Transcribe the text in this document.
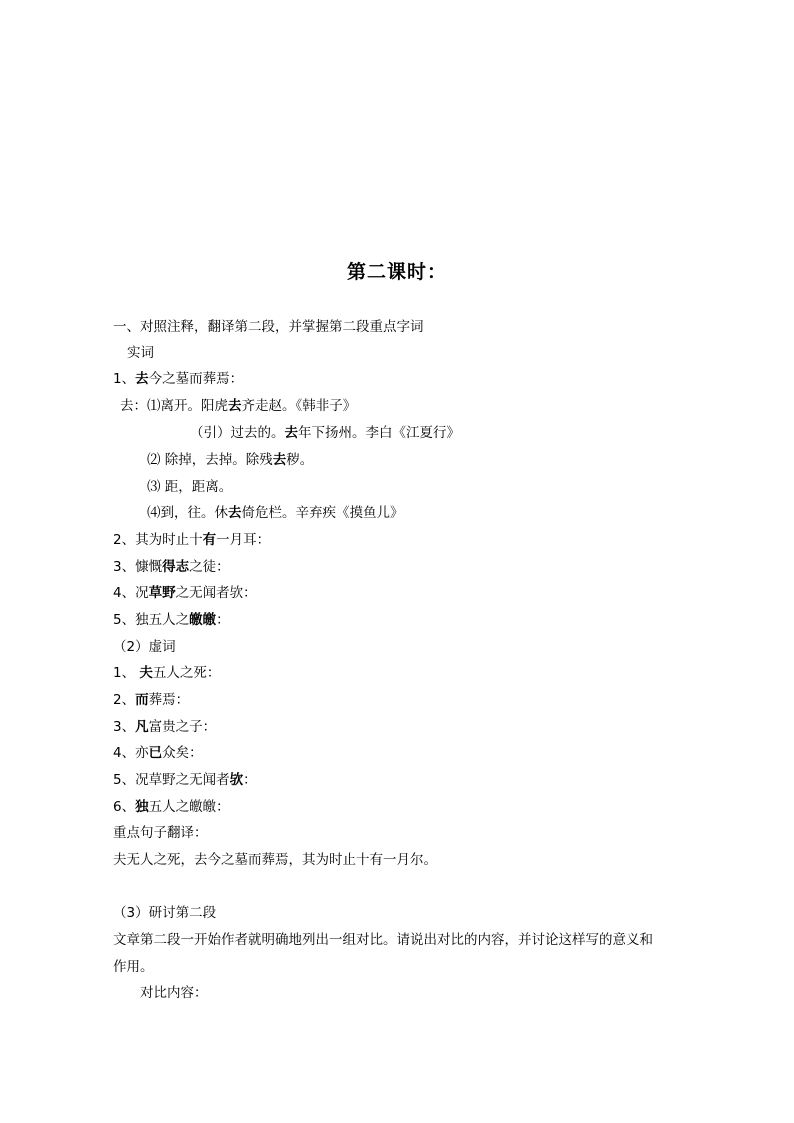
第二课时：
一、对照注释，翻译第二段，并掌握第二段重点字词
实词
1、去今之墓而葬焉：
去：⑴离开。阳虎去齐走赵。《韩非子》
（引）过去的。去年下扬州。李白《江夏行》
⑵ 除掉，去掉。除残去秽。
⑶ 距，距离。
⑷到，往。休去倚危栏。辛弃疾《摸鱼儿》
2、其为时止十有一月耳：
3、慷慨得志之徒：
4、况草野之无闻者欤：
5、独五人之皦皦：
（2）虚词
1、 夫五人之死：
2、而葬焉：
3、凡富贵之子：
4、亦已众矣：
5、况草野之无闻者欤：
6、独五人之皦皦：
重点句子翻译：
夫无人之死，去今之墓而葬焉，其为时止十有一月尔。
（3）研讨第二段
文章第二段一开始作者就明确地列出一组对比。请说出对比的内容，并讨论这样写的意义和
作用。
对比内容：
